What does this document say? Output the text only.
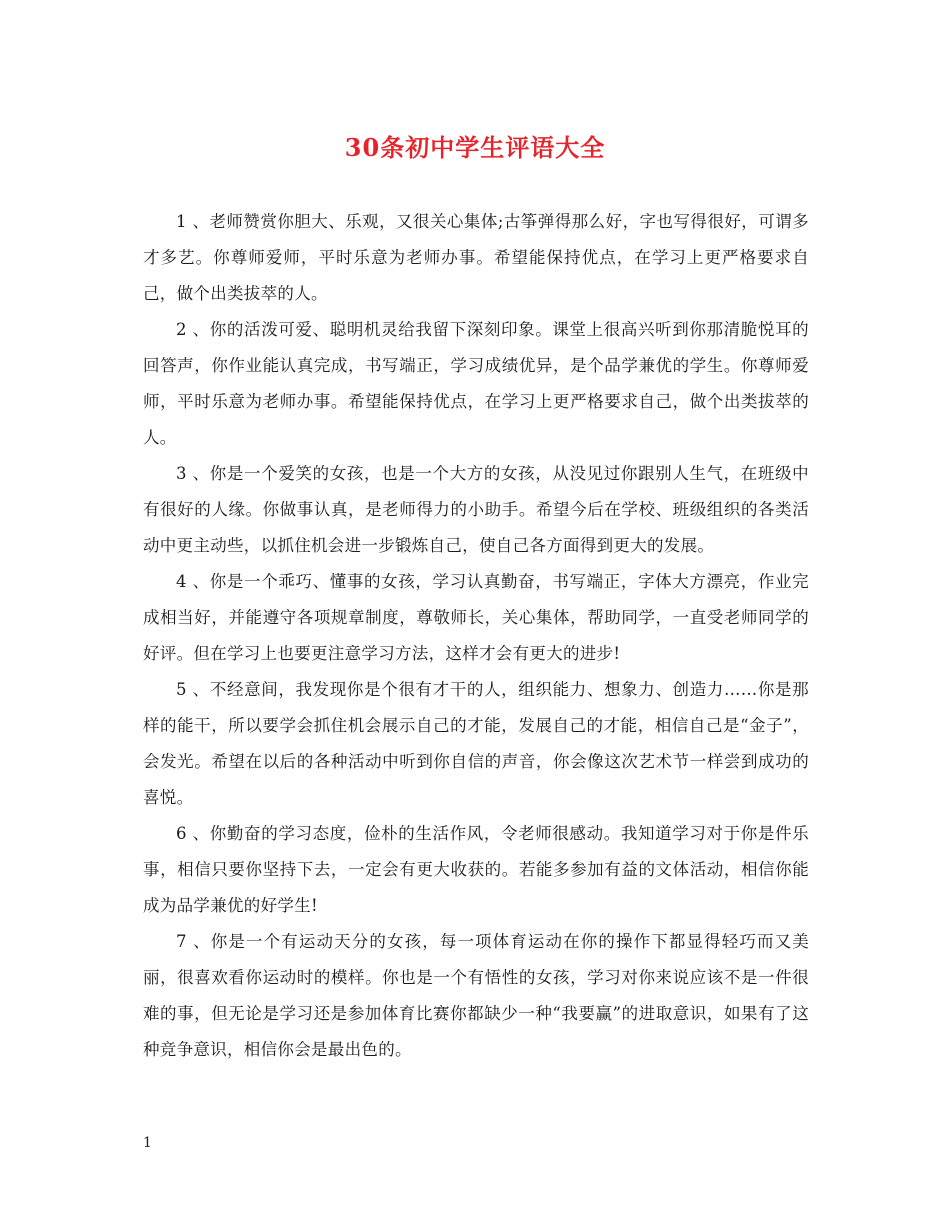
30条初中学生评语大全

1 、老师赞赏你胆大、乐观，又很关心集体;古筝弹得那么好，字也写得很好，可谓多才多艺。你尊师爱师，平时乐意为老师办事。希望能保持优点，在学习上更严格要求自己，做个出类拔萃的人。

2 、你的活泼可爱、聪明机灵给我留下深刻印象。课堂上很高兴听到你那清脆悦耳的回答声，你作业能认真完成，书写端正，学习成绩优异，是个品学兼优的学生。你尊师爱师，平时乐意为老师办事。希望能保持优点，在学习上更严格要求自己，做个出类拔萃的人。

3 、你是一个爱笑的女孩，也是一个大方的女孩，从没见过你跟别人生气，在班级中有很好的人缘。你做事认真，是老师得力的小助手。希望今后在学校、班级组织的各类活动中更主动些，以抓住机会进一步锻炼自己，使自己各方面得到更大的发展。

4 、你是一个乖巧、懂事的女孩，学习认真勤奋，书写端正，字体大方漂亮，作业完成相当好，并能遵守各项规章制度，尊敬师长，关心集体，帮助同学，一直受老师同学的好评。但在学习上也要更注意学习方法，这样才会有更大的进步!

5 、不经意间，我发现你是个很有才干的人，组织能力、想象力、创造力……你是那样的能干，所以要学会抓住机会展示自己的才能，发展自己的才能，相信自己是“金子”，会发光。希望在以后的各种活动中听到你自信的声音，你会像这次艺术节一样尝到成功的喜悦。

6 、你勤奋的学习态度，俭朴的生活作风，令老师很感动。我知道学习对于你是件乐事，相信只要你坚持下去，一定会有更大收获的。若能多参加有益的文体活动，相信你能成为品学兼优的好学生!

7 、你是一个有运动天分的女孩，每一项体育运动在你的操作下都显得轻巧而又美丽，很喜欢看你运动时的模样。你也是一个有悟性的女孩，学习对你来说应该不是一件很难的事，但无论是学习还是参加体育比赛你都缺少一种“我要赢”的进取意识，如果有了这种竞争意识，相信你会是最出色的。

1
